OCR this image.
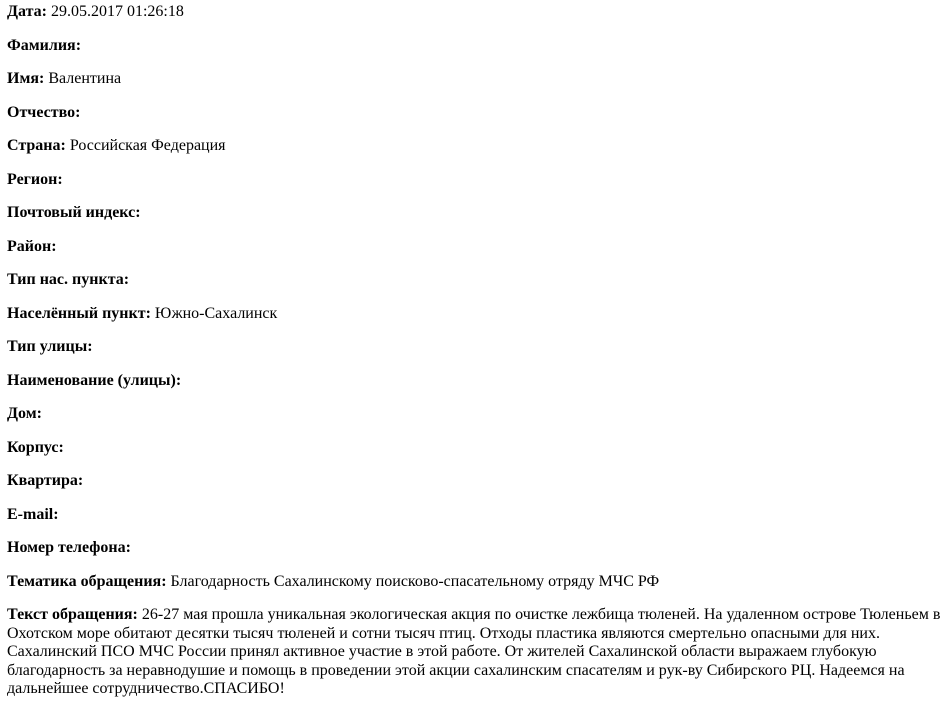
Дата: 29.05.2017 01:26:18

Фамилия:

Имя: Валентина

Отчество:

Страна: Российская Федерация

Регион:

Почтовый индекс:

Район:

Тип нас. пункта:

Населённый пункт: Южно-Сахалинск

Тип улицы:

Наименование (улицы):

Дом:

Корпус:

Квартира:

E-mail:

Номер телефона:

Тематика обращения: Благодарность Сахалинскому поисково-спасательному отряду МЧС РФ

Текст обращения: 26-27 мая прошла уникальная экологическая акция по очистке лежбища тюленей. На удаленном острове Тюленьем в Охотском море обитают десятки тысяч тюленей и сотни тысяч птиц. Отходы пластика являются смертельно опасными для них. Сахалинский ПСО МЧС России принял активное участие в этой работе. От жителей Сахалинской области выражаем глубокую благодарность за неравнодушие и помощь в проведении этой акции сахалинским спасателям и рук-ву Сибирского РЦ. Надеемся на дальнейшее сотрудничество.СПАСИБО!
